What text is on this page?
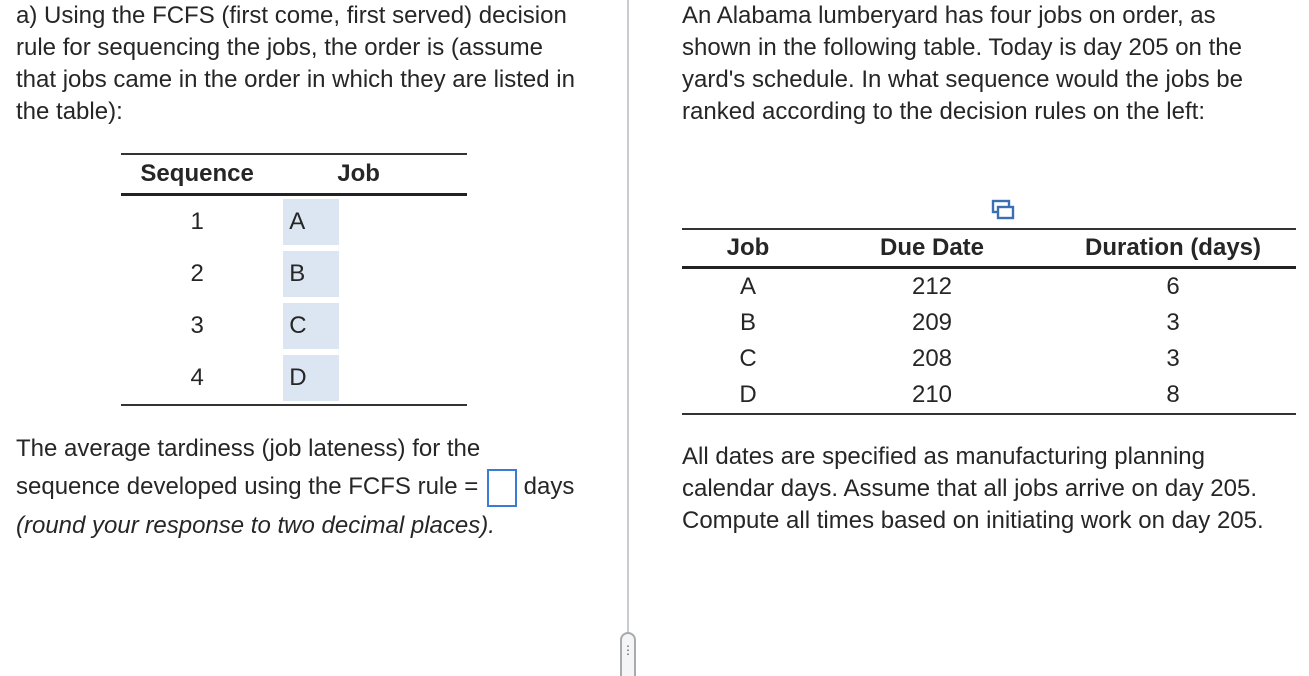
a) Using the FCFS (first come, first served) decision rule for sequencing the jobs, the order is (assume that jobs came in the order in which they are listed in the table):

Sequence	Job
1	A
2	B
3	C
4	D

The average tardiness (job lateness) for the sequence developed using the FCFS rule = days (round your response to two decimal places).

⋮

An Alabama lumberyard has four jobs on order, as shown in the following table. Today is day 205 on the yard's schedule. In what sequence would the jobs be ranked according to the decision rules on the left:

Job	Due Date	Duration (days)
A	212	6
B	209	3
C	208	3
D	210	8

All dates are specified as manufacturing planning calendar days. Assume that all jobs arrive on day 205. Compute all times based on initiating work on day 205.
